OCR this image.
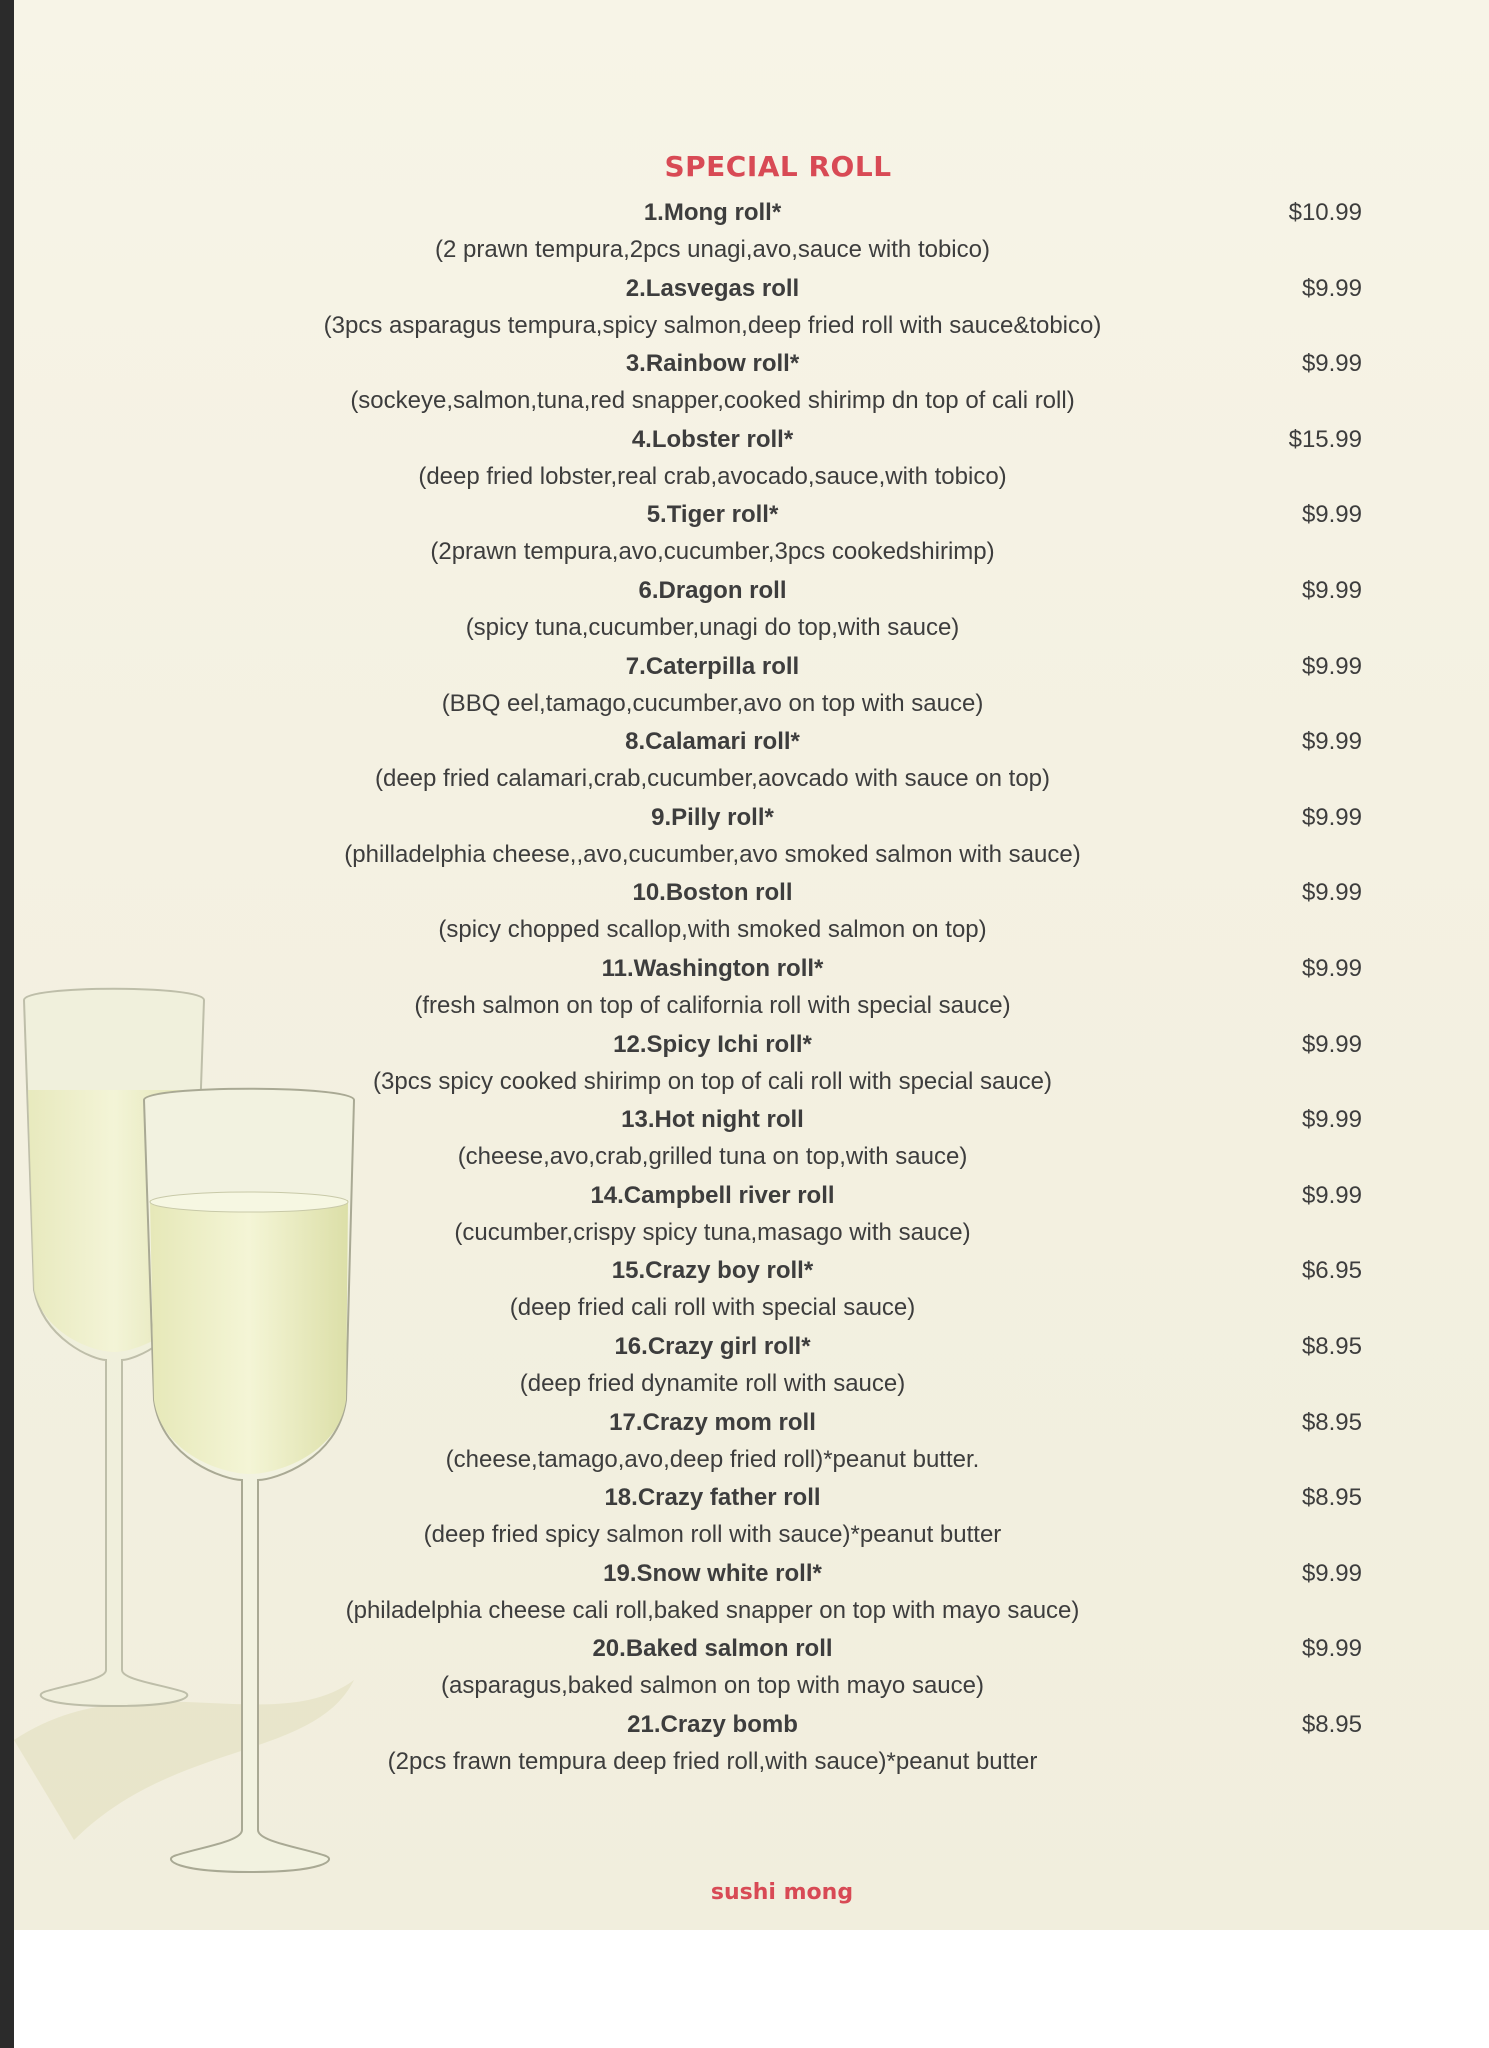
SPECIAL ROLL
1.Mong roll*	$10.99
(2 prawn tempura,2pcs unagi,avo,sauce with tobico)
2.Lasvegas roll	$9.99
(3pcs asparagus tempura,spicy salmon,deep fried roll with sauce&tobico)
3.Rainbow roll*	$9.99
(sockeye,salmon,tuna,red snapper,cooked shirimp dn top of cali roll)
4.Lobster roll*	$15.99
(deep fried lobster,real crab,avocado,sauce,with tobico)
5.Tiger roll*	$9.99
(2prawn tempura,avo,cucumber,3pcs cookedshirimp)
6.Dragon roll	$9.99
(spicy tuna,cucumber,unagi do top,with sauce)
7.Caterpilla roll	$9.99
(BBQ eel,tamago,cucumber,avo on top with sauce)
8.Calamari roll*	$9.99
(deep fried calamari,crab,cucumber,aovcado with sauce on top)
9.Pilly roll*	$9.99
(philladelphia cheese,,avo,cucumber,avo smoked salmon with sauce)
10.Boston roll	$9.99
(spicy chopped scallop,with smoked salmon on top)
11.Washington roll*	$9.99
(fresh salmon on top of california roll with special sauce)
12.Spicy Ichi roll*	$9.99
(3pcs spicy cooked shirimp on top of cali roll with special sauce)
13.Hot night roll	$9.99
(cheese,avo,crab,grilled tuna on top,with sauce)
14.Campbell river roll	$9.99
(cucumber,crispy spicy tuna,masago with sauce)
15.Crazy boy roll*	$6.95
(deep fried cali roll with special sauce)
16.Crazy girl roll*	$8.95
(deep fried dynamite roll with sauce)
17.Crazy mom roll	$8.95
(cheese,tamago,avo,deep fried roll)*peanut butter.
18.Crazy father roll	$8.95
(deep fried spicy salmon roll with sauce)*peanut butter
19.Snow white roll*	$9.99
(philadelphia cheese cali roll,baked snapper on top with mayo sauce)
20.Baked salmon roll	$9.99
(asparagus,baked salmon on top with mayo sauce)
21.Crazy bomb	$8.95
(2pcs frawn tempura deep fried roll,with sauce)*peanut butter
sushi mong
